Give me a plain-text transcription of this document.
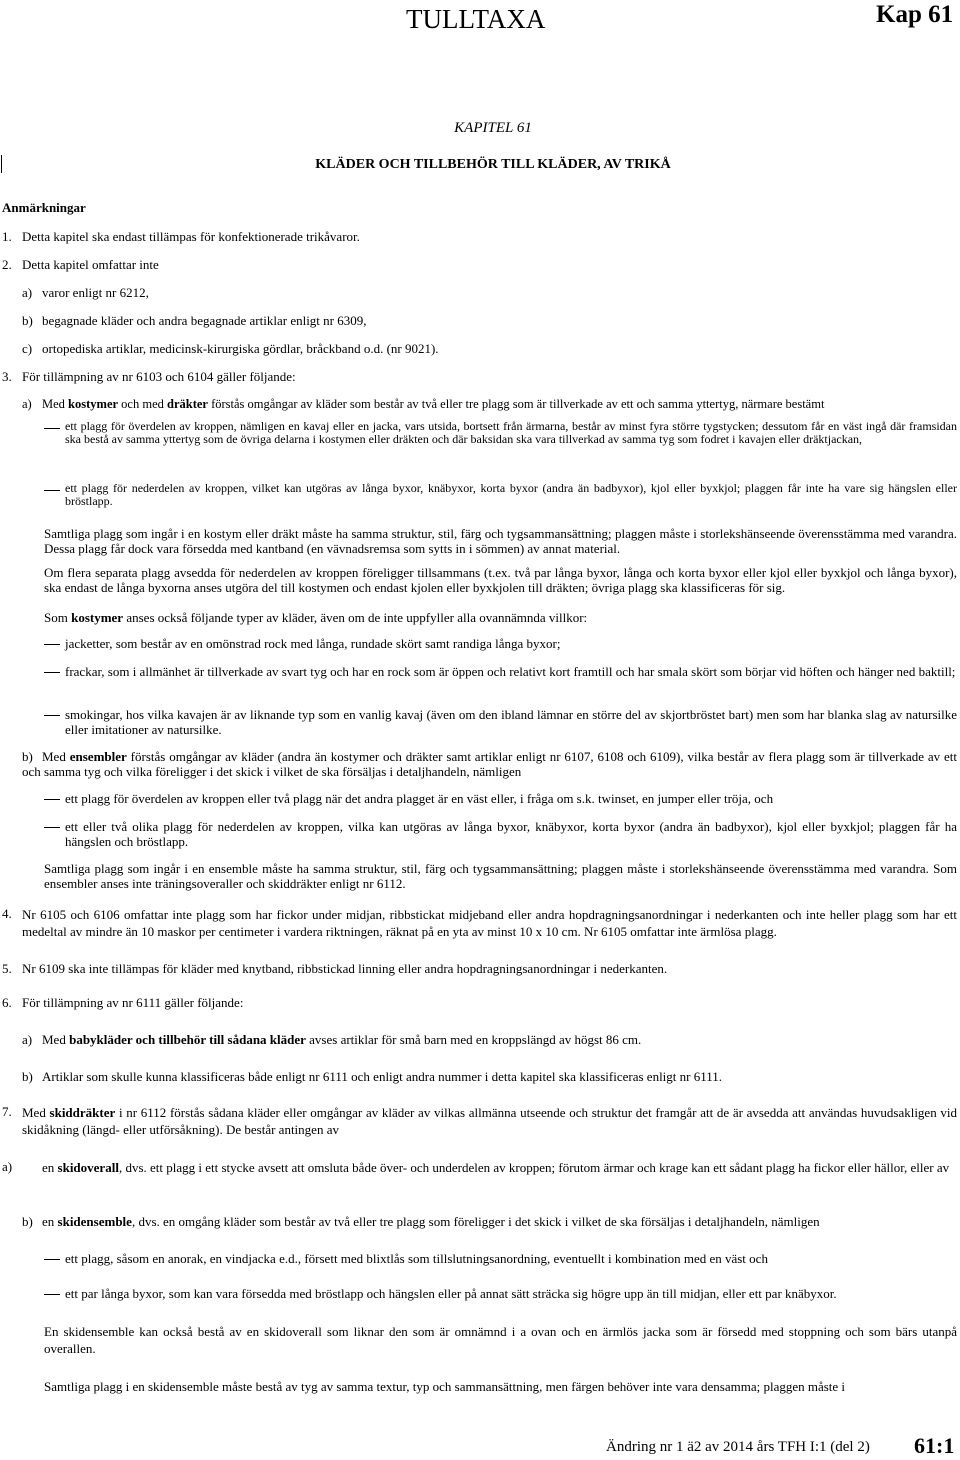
TULLTAXA	Kap 61
KAPITEL 61
KLÄDER OCH TILLBEHÖR TILL KLÄDER, AV TRIKÅ
Anmärkningar
1. Detta kapitel ska endast tillämpas för konfektionerade trikåvaror.
2. Detta kapitel omfattar inte
a) varor enligt nr 6212,
b) begagnade kläder och andra begagnade artiklar enligt nr 6309,
c) ortopediska artiklar, medicinsk-kirurgiska gördlar, bråckband o.d. (nr 9021).
3. För tillämpning av nr 6103 och 6104 gäller följande:
a) Med kostymer och med dräkter förstås omgångar av kläder som består av två eller tre plagg som är tillverkade av ett och samma yttertyg, närmare bestämt
ett plagg för överdelen av kroppen, nämligen en kavaj eller en jacka, vars utsida, bortsett från ärmarna, består av minst fyra större tygstycken; dessutom får en väst ingå där framsidan ska bestå av samma yttertyg som de övriga delarna i kostymen eller dräkten och där baksidan ska vara tillverkad av samma tyg som fodret i kavajen eller dräktjackan,
ett plagg för nederdelen av kroppen, vilket kan utgöras av långa byxor, knäbyxor, korta byxor (andra än badbyxor), kjol eller byxkjol; plaggen får inte ha vare sig hängslen eller bröstlapp.
Samtliga plagg som ingår i en kostym eller dräkt måste ha samma struktur, stil, färg och tygsammansättning; plaggen måste i storlekshänseende överensstämma med varandra. Dessa plagg får dock vara försedda med kantband (en vävnadsremsa som sytts in i sömmen) av annat material.
Om flera separata plagg avsedda för nederdelen av kroppen föreligger tillsammans (t.ex. två par långa byxor, långa och korta byxor eller kjol eller byxkjol och långa byxor), ska endast de långa byxorna anses utgöra del till kostymen och endast kjolen eller byxkjolen till dräkten; övriga plagg ska klassificeras för sig.
Som kostymer anses också följande typer av kläder, även om de inte uppfyller alla ovannämnda villkor:
jacketter, som består av en omönstrad rock med långa, rundade skört samt randiga långa byxor;
frackar, som i allmänhet är tillverkade av svart tyg och har en rock som är öppen och relativt kort framtill och har smala skört som börjar vid höften och hänger ned baktill;
smokingar, hos vilka kavajen är av liknande typ som en vanlig kavaj (även om den ibland lämnar en större del av skjortbröstet bart) men som har blanka slag av natursilke eller imitationer av natursilke.
b) Med ensembler förstås omgångar av kläder (andra än kostymer och dräkter samt artiklar enligt nr 6107, 6108 och 6109), vilka består av flera plagg som är tillverkade av ett och samma tyg och vilka föreligger i det skick i vilket de ska försäljas i detaljhandeln, nämligen
ett plagg för överdelen av kroppen eller två plagg när det andra plagget är en väst eller, i fråga om s.k. twinset, en jumper eller tröja, och
ett eller två olika plagg för nederdelen av kroppen, vilka kan utgöras av långa byxor, knäbyxor, korta byxor (andra än badbyxor), kjol eller byxkjol; plaggen får ha hängslen och bröstlapp.
Samtliga plagg som ingår i en ensemble måste ha samma struktur, stil, färg och tygsammansättning; plaggen måste i storlekshänseende överensstämma med varandra. Som ensembler anses inte träningsoveraller och skiddräkter enligt nr 6112.
4. Nr 6105 och 6106 omfattar inte plagg som har fickor under midjan, ribbstickat midjeband eller andra hopdragningsanordningar i nederkanten och inte heller plagg som har ett medeltal av mindre än 10 maskor per centimeter i vardera riktningen, räknat på en yta av minst 10 x 10 cm. Nr 6105 omfattar inte ärmlösa plagg.
5. Nr 6109 ska inte tillämpas för kläder med knytband, ribbstickad linning eller andra hopdragningsanordningar i nederkanten.
6. För tillämpning av nr 6111 gäller följande:
a) Med babykläder och tillbehör till sådana kläder avses artiklar för små barn med en kroppslängd av högst 86 cm.
b) Artiklar som skulle kunna klassificeras både enligt nr 6111 och enligt andra nummer i detta kapitel ska klassificeras enligt nr 6111.
7. Med skiddräkter i nr 6112 förstås sådana kläder eller omgångar av kläder av vilkas allmänna utseende och struktur det framgår att de är avsedda att användas huvudsakligen vid skidåkning (längd- eller utförsåkning). De består antingen av
a)	en skidoverall, dvs. ett plagg i ett stycke avsett att omsluta både över- och underdelen av kroppen; förutom ärmar och krage kan ett sådant plagg ha fickor eller hällor, eller av
b) en skidensemble, dvs. en omgång kläder som består av två eller tre plagg som föreligger i det skick i vilket de ska försäljas i detaljhandeln, nämligen
ett plagg, såsom en anorak, en vindjacka e.d., försett med blixtlås som tillslutningsanordning, eventuellt i kombination med en väst och
ett par långa byxor, som kan vara försedda med bröstlapp och hängslen eller på annat sätt sträcka sig högre upp än till midjan, eller ett par knäbyxor.
En skidensemble kan också bestå av en skidoverall som liknar den som är omnämnd i a ovan och en ärmlös jacka som är försedd med stoppning och som bärs utanpå overallen.
Samtliga plagg i en skidensemble måste bestå av tyg av samma textur, typ och sammansättning, men färgen behöver inte vara densamma; plaggen måste i
Ändring nr 1 ä2 av 2014 års TFH I:1 (del 2) 61:1
